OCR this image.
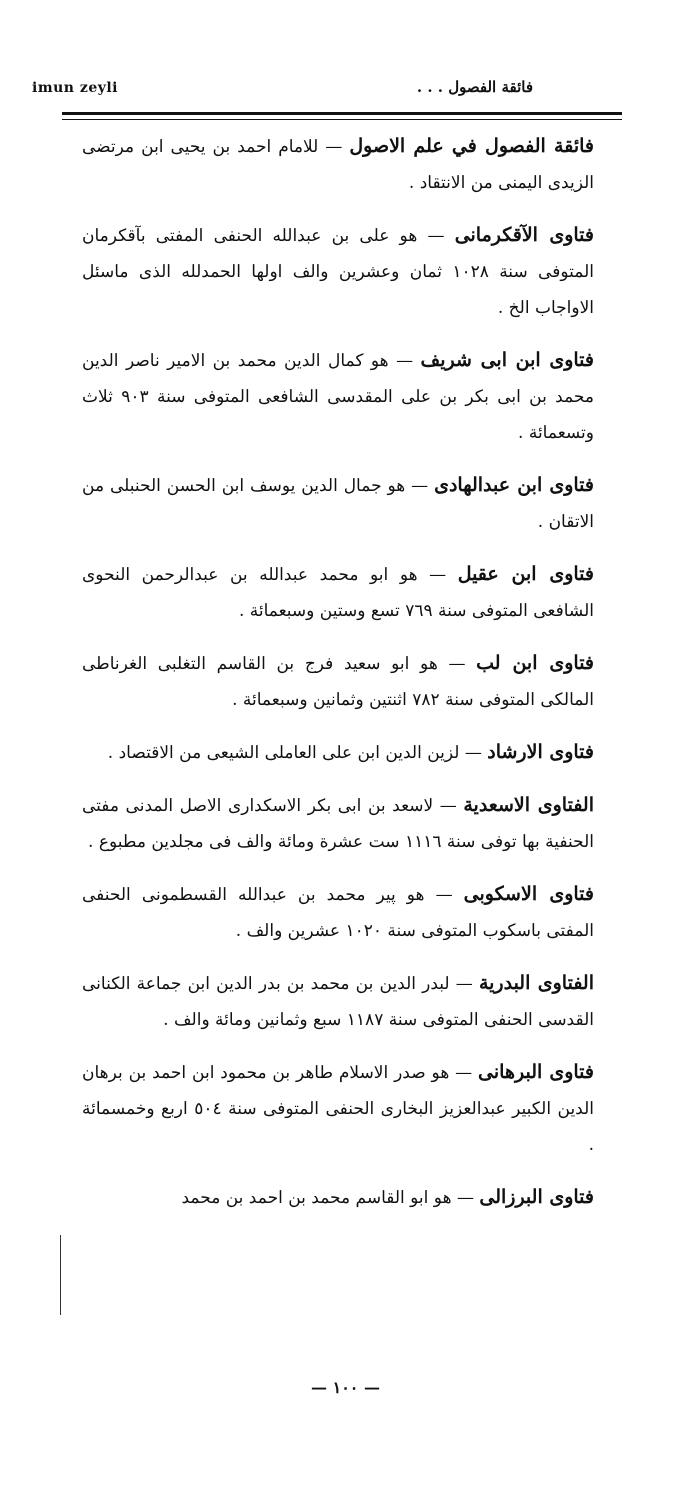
imun zeyli	فائقة الفصول . . .
فائقة الفصول في علم الاصول — للامام احمد بن يحيى ابن مرتضى الزيدى اليمنى من الانتقاد .
فتاوى الآقكرمانى — هو على بن عبدالله الحنفى المفتى بآقكرمان المتوفى سنة ١٠٢٨ ثمان وعشرين والف اولها الحمدلله الذى ماسئل الاواجاب الخ .
فتاوى ابن ابى شريف — هو كمال الدين محمد بن الامير ناصر الدين محمد بن ابى بكر بن على المقدسى الشافعى المتوفى سنة ٩٠٣ ثلاث وتسعمائة .
فتاوى ابن عبدالهادى — هو جمال الدين يوسف ابن الحسن الحنبلى من الاتقان .
فتاوى ابن عقيل — هو ابو محمد عبدالله بن عبدالرحمن النحوى الشافعى المتوفى سنة ٧٦٩ تسع وستين وسبعمائة .
فتاوى ابن لب — هو ابو سعيد فرج بن القاسم التغلبى الغرناطى المالكى المتوفى سنة ٧٨٢ اثنتين وثمانين وسبعمائة .
فتاوى الارشاد — لزين الدين ابن على العاملى الشيعى من الاقتصاد .
الفتاوى الاسعدية — لاسعد بن ابى بكر الاسكدارى الاصل المدنى مفتى الحنفية بها توفى سنة ١١١٦ ست عشرة ومائة والف فى مجلدين مطبوع .
فتاوى الاسكوبى — هو پير محمد بن عبدالله القسطمونى الحنفى المفتى باسكوب المتوفى سنة ١٠٢٠ عشرين والف .
الفتاوى البدرية — لبدر الدين بن محمد بن بدر الدين ابن جماعة الكنانى القدسى الحنفى المتوفى سنة ١١٨٧ سبع وثمانين ومائة والف .
فتاوى البرهانى — هو صدر الاسلام طاهر بن محمود ابن احمد بن برهان الدين الكبير عبدالعزيز البخارى الحنفى المتوفى سنة ٥٠٤ اربع وخمسمائة .
فتاوى البرزالى — هو ابو القاسم محمد بن احمد بن محمد
— ١٠٠ —
